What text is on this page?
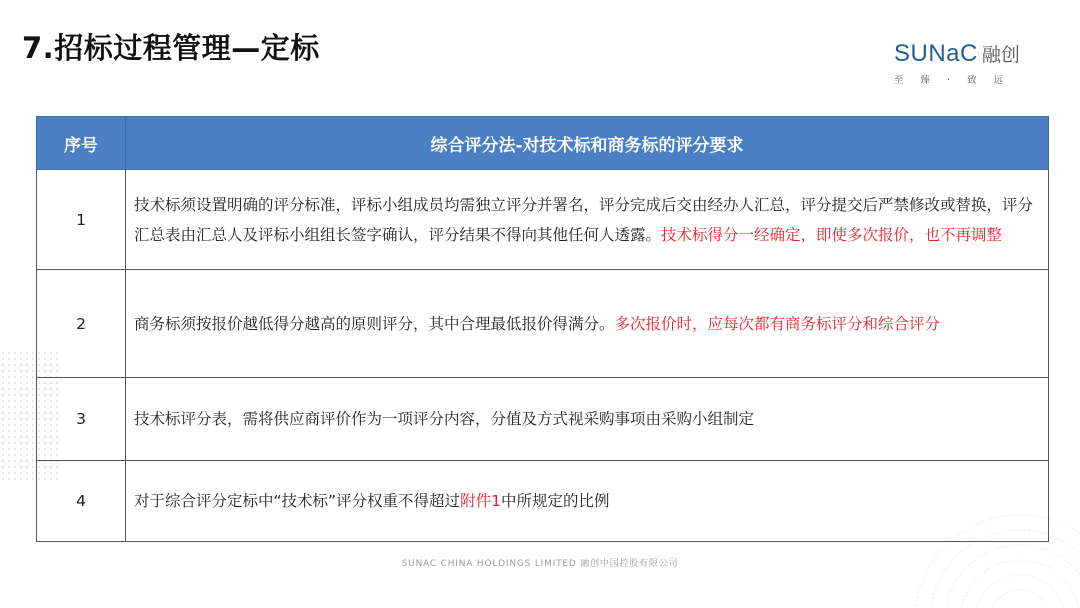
7.招标过程管理—定标	SUNaC 融创
至 臻 · 致 远
序号	综合评分法-对技术标和商务标的评分要求
1	技术标须设置明确的评分标准，评标小组成员均需独立评分并署名，评分完成后交由经办人汇总，评分提交后严禁修改或替换，评分汇总表由汇总人及评标小组组长签字确认，评分结果不得向其他任何人透露。技术标得分一经确定，即使多次报价，也不再调整
2	商务标须按报价越低得分越高的原则评分，其中合理最低报价得满分。多次报价时，应每次都有商务标评分和综合评分
3	技术标评分表，需将供应商评价作为一项评分内容，分值及方式视采购事项由采购小组制定
4	对于综合评分定标中“技术标”评分权重不得超过附件1中所规定的比例
SUNAC CHINA HOLDINGS LIMITED 融创中国控股有限公司
